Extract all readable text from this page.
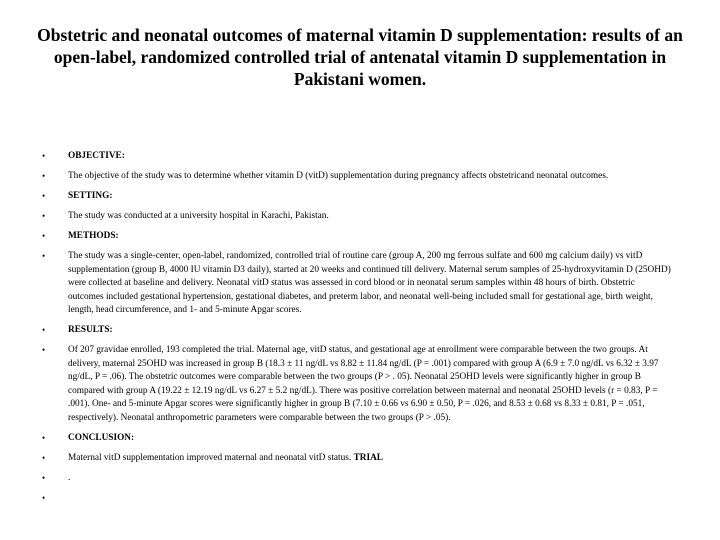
Obstetric and neonatal outcomes of maternal vitamin D supplementation: results of an open-label, randomized controlled trial of antenatal vitamin D supplementation in Pakistani women.
•	OBJECTIVE:
•	The objective of the study was to determine whether vitamin D (vitD) supplementation during pregnancy affects obstetricand neonatal outcomes.
•	SETTING:
•	The study was conducted at a university hospital in Karachi, Pakistan.
•	METHODS:
•	The study was a single-center, open-label, randomized, controlled trial of routine care (group A, 200 mg ferrous sulfate and 600 mg calcium daily) vs vitD supplementation (group B, 4000 IU vitamin D3 daily), started at 20 weeks and continued till delivery. Maternal serum samples of 25-hydroxyvitamin D (25OHD) were collected at baseline and delivery. Neonatal vitD status was assessed in cord blood or in neonatal serum samples within 48 hours of birth. Obstetric outcomes included gestational hypertension, gestational diabetes, and preterm labor, and neonatal well-being included small for gestational age, birth weight, length, head circumference, and 1- and 5-minute Apgar scores.
•	RESULTS:
•	Of 207 gravidae enrolled, 193 completed the trial. Maternal age, vitD status, and gestational age at enrollment were comparable between the two groups. At delivery, maternal 25OHD was increased in group B (18.3 ± 11 ng/dL vs 8.82 ± 11.84 ng/dL (P = .001) compared with group A (6.9 ± 7.0 ng/dL vs 6.32 ± 3.97 ng/dL, P = .06). The obstetric outcomes were comparable between the two groups (P > . 05). Neonatal 25OHD levels were significantly higher in group B compared with group A (19.22 ± 12.19 ng/dL vs 6.27 ± 5.2 ng/dL). There was positive correlation between maternal and neonatal 25OHD levels (r = 0.83, P = .001). One- and 5-minute Apgar scores were significantly higher in group B (7.10 ± 0.66 vs 6.90 ± 0.50, P = .026, and 8.53 ± 0.68 vs 8.33 ± 0.81, P = .051, respectively). Neonatal anthropometric parameters were comparable between the two groups (P > .05).
•	CONCLUSION:
•	Maternal vitD supplementation improved maternal and neonatal vitD status. TRIAL
•	.
•
